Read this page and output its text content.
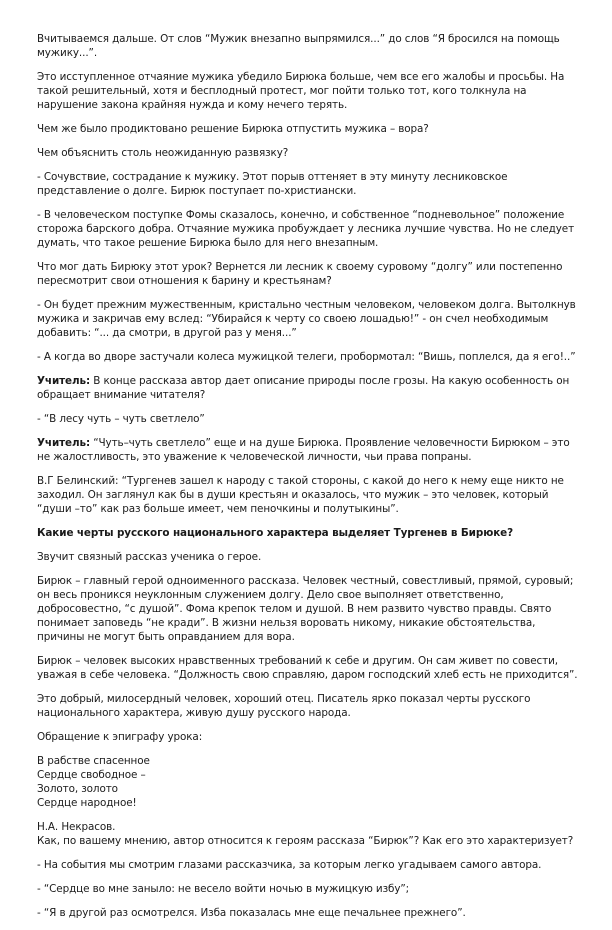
Вчитываемся дальше. От слов “Мужик внезапно выпрямился...” до слов “Я бросился на помощь мужику...”.

Это исступленное отчаяние мужика убедило Бирюка больше, чем все его жалобы и просьбы. На такой решительный, хотя и бесплодный протест, мог пойти только тот, кого толкнула на нарушение закона крайняя нужда и кому нечего терять.

Чем же было продиктовано решение Бирюка отпустить мужика – вора?

Чем объяснить столь неожиданную развязку?

- Сочувствие, сострадание к мужику. Этот порыв оттеняет в эту минуту лесниковское представление о долге. Бирюк поступает по-христиански.

- В человеческом поступке Фомы сказалось, конечно, и собственное “подневольное” положение сторожа барского добра. Отчаяние мужика пробуждает у лесника лучшие чувства. Но не следует думать, что такое решение Бирюка было для него внезапным.

Что мог дать Бирюку этот урок? Вернется ли лесник к своему суровому “долгу” или постепенно пересмотрит свои отношения к барину и крестьянам?

- Он будет прежним мужественным, кристально честным человеком, человеком долга. Вытолкнув мужика и закричав ему вслед: “Убирайся к черту со своею лошадью!” - он счел необходимым добавить: “... да смотри, в другой раз у меня...”

- А когда во дворе застучали колеса мужицкой телеги, пробормотал: “Вишь, поплелся, да я его!..”

Учитель: В конце рассказа автор дает описание природы после грозы. На какую особенность он обращает внимание читателя?

- “В лесу чуть – чуть светлело”

Учитель: “Чуть–чуть светлело” еще и на душе Бирюка. Проявление человечности Бирюком – это не жалостливость, это уважение к человеческой личности, чьи права попраны.

В.Г Белинский: “Тургенев зашел к народу с такой стороны, с какой до него к нему еще никто не заходил. Он заглянул как бы в души крестьян и оказалось, что мужик – это человек, который “души –то” как раз больше имеет, чем пеночкины и полутыкины”.

Какие черты русского национального характера выделяет Тургенев в Бирюке?

Звучит связный рассказ ученика о герое.

Бирюк – главный герой одноименного рассказа. Человек честный, совестливый, прямой, суровый; он весь проникся неуклонным служением долгу. Дело свое выполняет ответственно, добросовестно, “с душой”. Фома крепок телом и душой. В нем развито чувство правды. Свято понимает заповедь “не кради”. В жизни нельзя воровать никому, никакие обстоятельства, причины не могут быть оправданием для вора.

Бирюк – человек высоких нравственных требований к себе и другим. Он сам живет по совести, уважая в себе человека. “Должность свою справляю, даром господский хлеб есть не приходится”.

Это добрый, милосердный человек, хороший отец. Писатель ярко показал черты русского национального характера, живую душу русского народа.

Обращение к эпиграфу урока:

В рабстве спасенное
Сердце свободное –
Золото, золото
Сердце народное!

Н.А. Некрасов.

Как, по вашему мнению, автор относится к героям рассказа “Бирюк”? Как его это характеризует?

- На события мы смотрим глазами рассказчика, за которым легко угадываем самого автора.

- “Сердце во мне заныло: не весело войти ночью в мужицкую избу”;

- “Я в другой раз осмотрелся. Изба показалась мне еще печальнее прежнего”.
